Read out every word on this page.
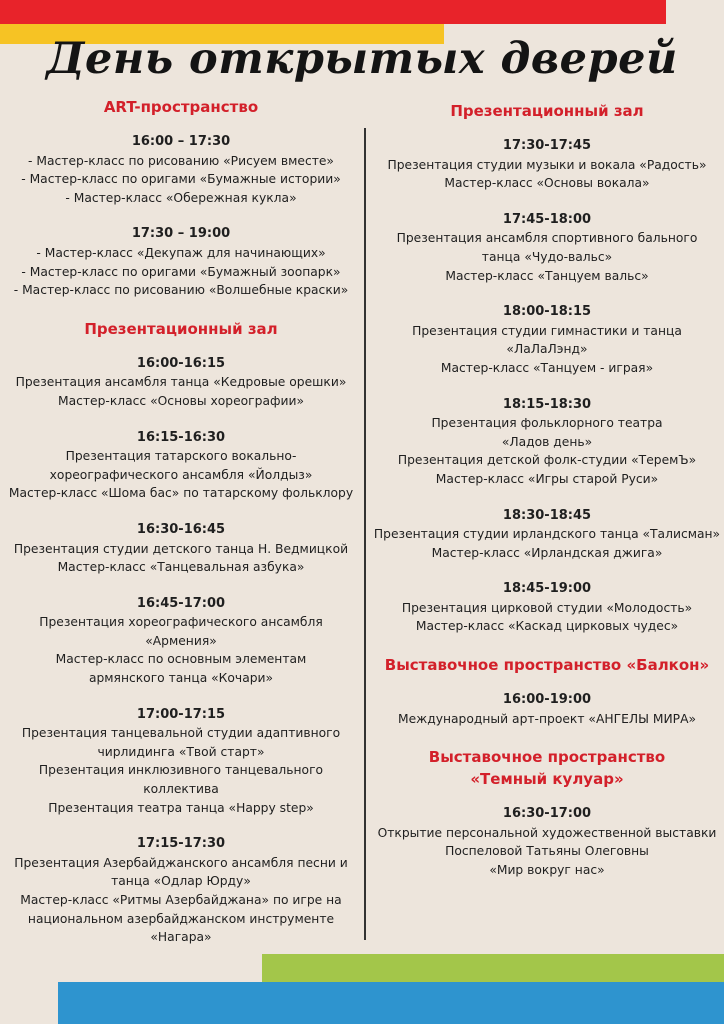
День открытых дверей
ART-пространство
16:00 – 17:30
- Мастер-класс по рисованию «Рисуем вместе»
- Мастер-класс по оригами «Бумажные истории»
- Мастер-класс «Обережная кукла»
17:30 – 19:00
- Мастер-класс «Декупаж для начинающих»
- Мастер-класс по оригами «Бумажный зоопарк»
- Мастер-класс по рисованию «Волшебные краски»
Презентационный зал
16:00-16:15
Презентация ансамбля танца «Кедровые орешки»
Мастер-класс «Основы хореографии»
16:15-16:30
Презентация татарского вокально-
хореографического ансамбля «Йолдыз»
Мастер-класс «Шома бас» по татарскому фольклору
16:30-16:45
Презентация студии детского танца Н. Ведмицкой
Мастер-класс «Танцевальная азбука»
16:45-17:00
Презентация хореографического ансамбля
«Армения»
Мастер-класс по основным элементам
армянского танца «Кочари»
17:00-17:15
Презентация танцевальной студии адаптивного
чирлидинга «Твой старт»
Презентация инклюзивного танцевального
коллектива
Презентация театра танца «Happy step»
17:15-17:30
Презентация Азербайджанского ансамбля песни и
танца «Одлар Юрду»
Мастер-класс «Ритмы Азербайджана» по игре на
национальном азербайджанском инструменте
«Нагара»
Презентационный зал
17:30-17:45
Презентация студии музыки и вокала «Радость»
Мастер-класс «Основы вокала»
17:45-18:00
Презентация ансамбля спортивного бального
танца «Чудо-вальс»
Мастер-класс «Танцуем вальс»
18:00-18:15
Презентация студии гимнастики и танца
«ЛаЛаЛэнд»
Мастер-класс «Танцуем - играя»
18:15-18:30
Презентация фольклорного театра
«Ладов день»
Презентация детской фолк-студии «ТеремЪ»
Мастер-класс «Игры старой Руси»
18:30-18:45
Презентация студии ирландского танца «Талисман»
Мастер-класс «Ирландская джига»
18:45-19:00
Презентация цирковой студии «Молодость»
Мастер-класс «Каскад цирковых чудес»
Выставочное пространство «Балкон»
16:00-19:00
Международный арт-проект «АНГЕЛЫ МИРА»
Выставочное пространство
«Темный кулуар»
16:30-17:00
Открытие персональной художественной выставки
Поспеловой Татьяны Олеговны
«Мир вокруг нас»
